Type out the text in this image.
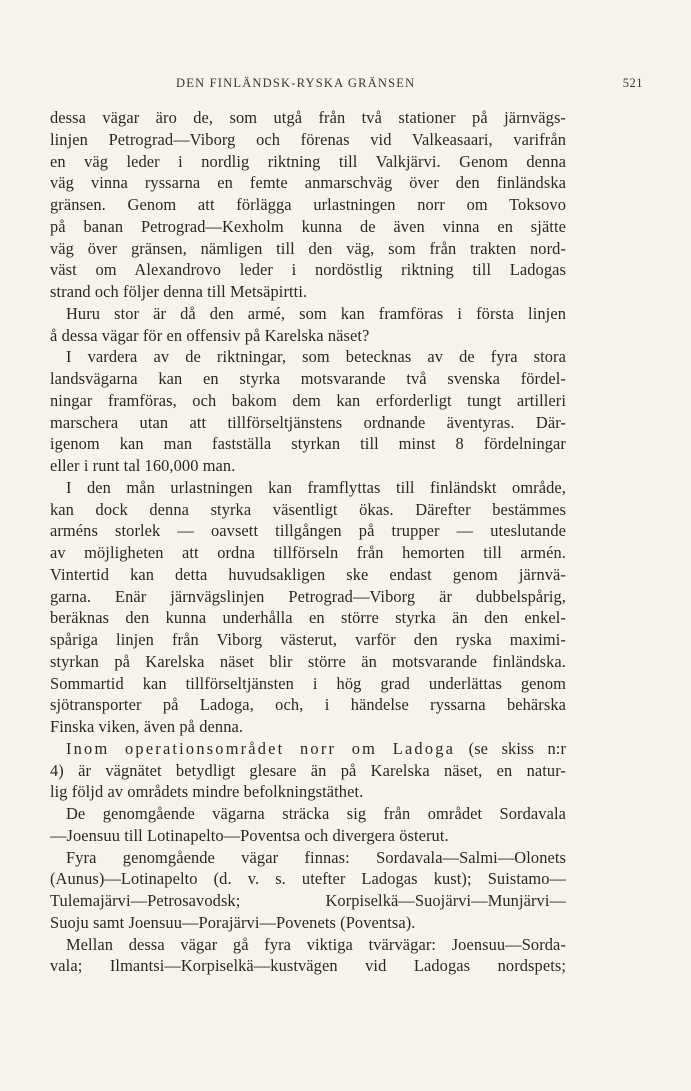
DEN FINLÄNDSK-RYSKA GRÄNSEN	521
dessa vägar äro de, som utgå från två stationer på järnvägs-
linjen Petrograd—Viborg och förenas vid Valkeasaari, varifrån
en väg leder i nordlig riktning till Valkjärvi. Genom denna
väg vinna ryssarna en femte anmarschväg över den finländska
gränsen. Genom att förlägga urlastningen norr om Toksovo
på banan Petrograd—Kexholm kunna de även vinna en sjätte
väg över gränsen, nämligen till den väg, som från trakten nord-
väst om Alexandrovo leder i nordöstlig riktning till Ladogas
strand och följer denna till Metsäpirtti.
Huru stor är då den armé, som kan framföras i första linjen
å dessa vägar för en offensiv på Karelska näset?
I vardera av de riktningar, som betecknas av de fyra stora
landsvägarna kan en styrka motsvarande två svenska fördel-
ningar framföras, och bakom dem kan erforderligt tungt artilleri
marschera utan att tillförseltjänstens ordnande äventyras. Där-
igenom kan man fastställa styrkan till minst 8 fördelningar
eller i runt tal 160,000 man.
I den mån urlastningen kan framflyttas till finländskt område,
kan dock denna styrka väsentligt ökas. Därefter bestämmes
arméns storlek — oavsett tillgången på trupper — uteslutande
av möjligheten att ordna tillförseln från hemorten till armén.
Vintertid kan detta huvudsakligen ske endast genom järnvä-
garna. Enär järnvägslinjen Petrograd—Viborg är dubbelspårig,
beräknas den kunna underhålla en större styrka än den enkel-
spåriga linjen från Viborg västerut, varför den ryska maximi-
styrkan på Karelska näset blir större än motsvarande finländska.
Sommartid kan tillförseltjänsten i hög grad underlättas genom
sjötransporter på Ladoga, och, i händelse ryssarna behärska
Finska viken, även på denna.
Inom operationsområdet norr om Ladoga (se skiss n:r
4) är vägnätet betydligt glesare än på Karelska näset, en natur-
lig följd av områdets mindre befolkningstäthet.
De genomgående vägarna sträcka sig från området Sordavala
—Joensuu till Lotinapelto—Poventsa och divergera österut.
Fyra genomgående vägar finnas: Sordavala—Salmi—Olonets
(Aunus)—Lotinapelto (d. v. s. utefter Ladogas kust); Suistamo—
Tulemajärvi—Petrosavodsk; Korpiselkä—Suojärvi—Munjärvi—
Suoju samt Joensuu—Porajärvi—Povenets (Poventsa).
Mellan dessa vägar gå fyra viktiga tvärvägar: Joensuu—Sorda-
vala; Ilmantsi—Korpiselkä—kustvägen vid Ladogas nordspets;
